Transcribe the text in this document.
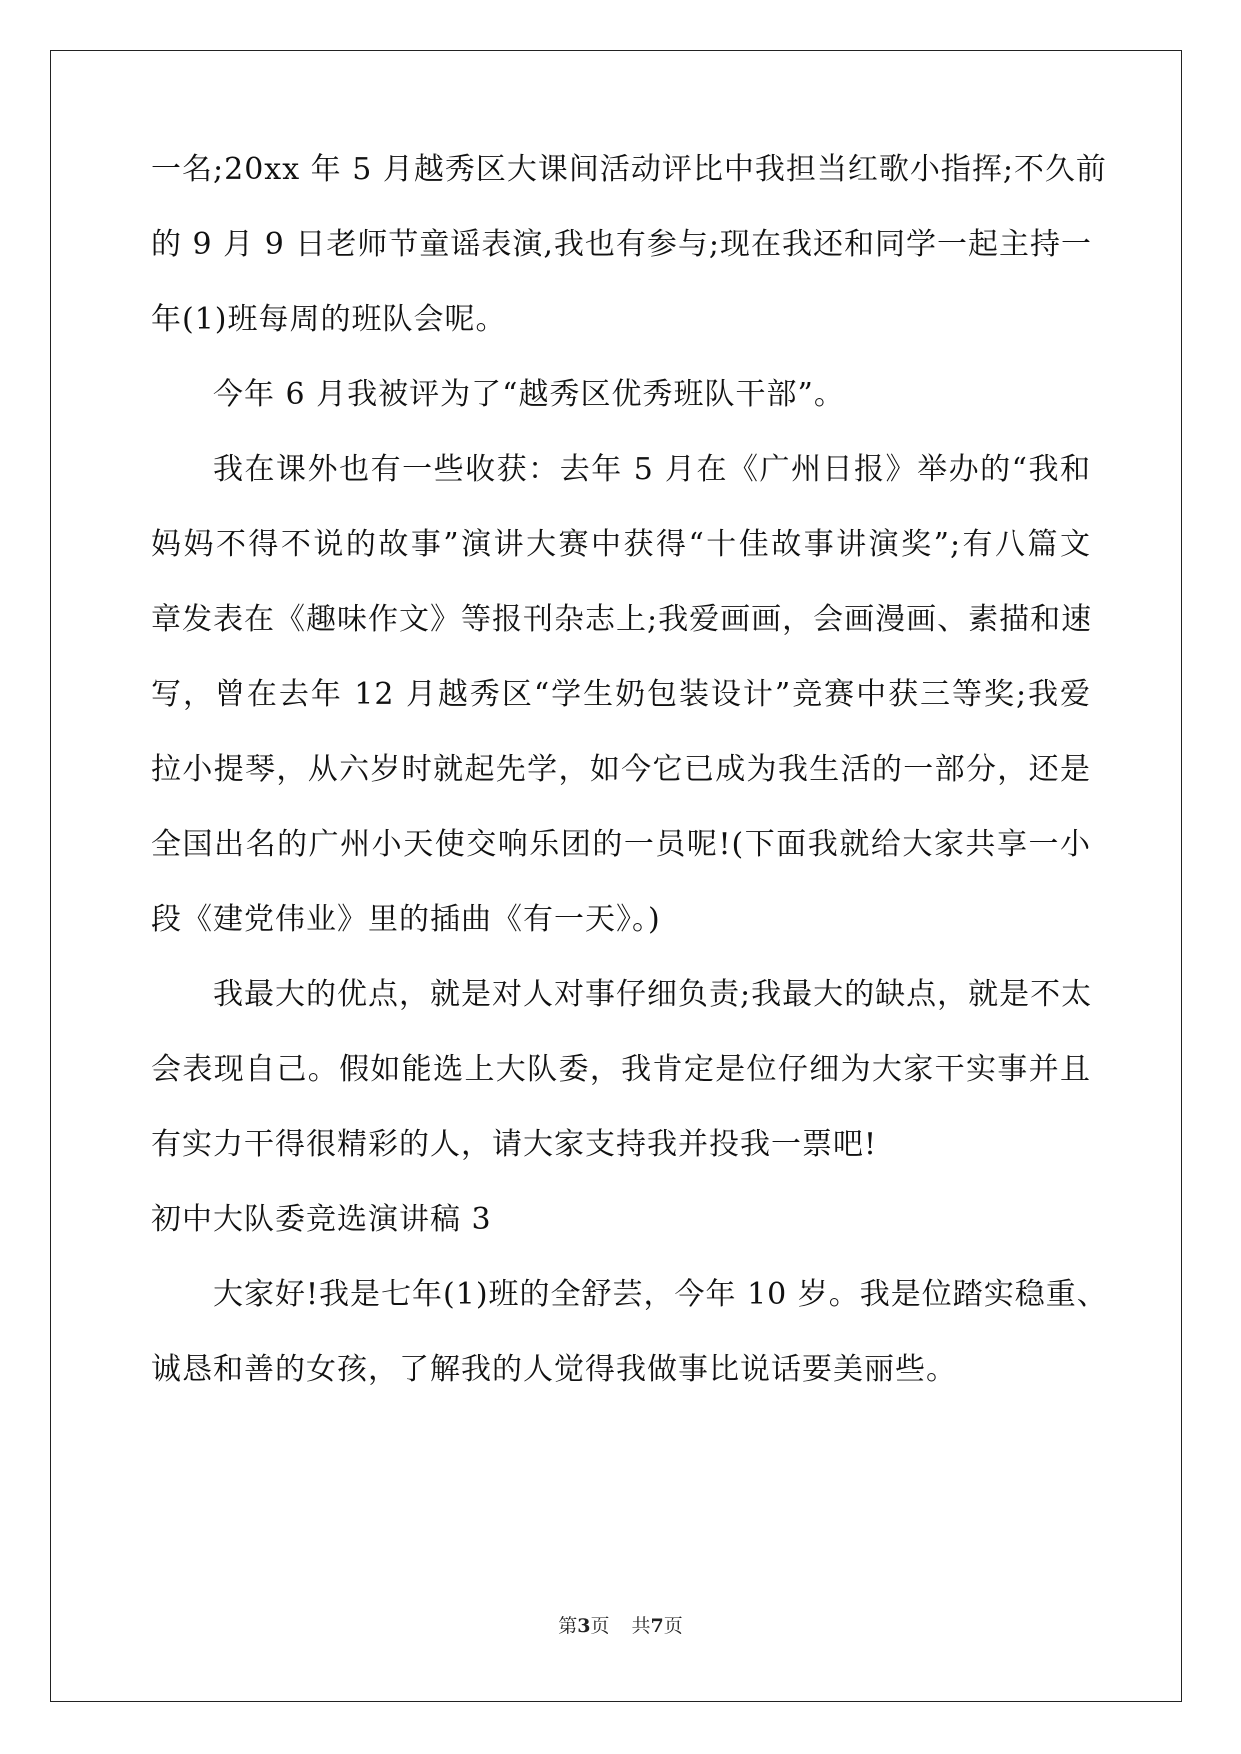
一名;20xx 年 5 月越秀区大课间活动评比中我担当红歌小指挥;不久前
的 9 月 9 日老师节童谣表演,我也有参与;现在我还和同学一起主持一
年(1)班每周的班队会呢。
今年 6 月我被评为了“越秀区优秀班队干部”。
我在课外也有一些收获：去年 5 月在《广州日报》举办的“我和
妈妈不得不说的故事”演讲大赛中获得“十佳故事讲演奖”;有八篇文
章发表在《趣味作文》等报刊杂志上;我爱画画，会画漫画、素描和速
写，曾在去年 12 月越秀区“学生奶包装设计”竞赛中获三等奖;我爱
拉小提琴，从六岁时就起先学，如今它已成为我生活的一部分，还是
全国出名的广州小天使交响乐团的一员呢!(下面我就给大家共享一小
段《建党伟业》里的插曲《有一天》。)
我最大的优点，就是对人对事仔细负责;我最大的缺点，就是不太
会表现自己。假如能选上大队委，我肯定是位仔细为大家干实事并且
有实力干得很精彩的人，请大家支持我并投我一票吧!
初中大队委竞选演讲稿 3
大家好!我是七年(1)班的全舒芸，今年 10 岁。我是位踏实稳重、
诚恳和善的女孩，了解我的人觉得我做事比说话要美丽些。
第3页 共7页
